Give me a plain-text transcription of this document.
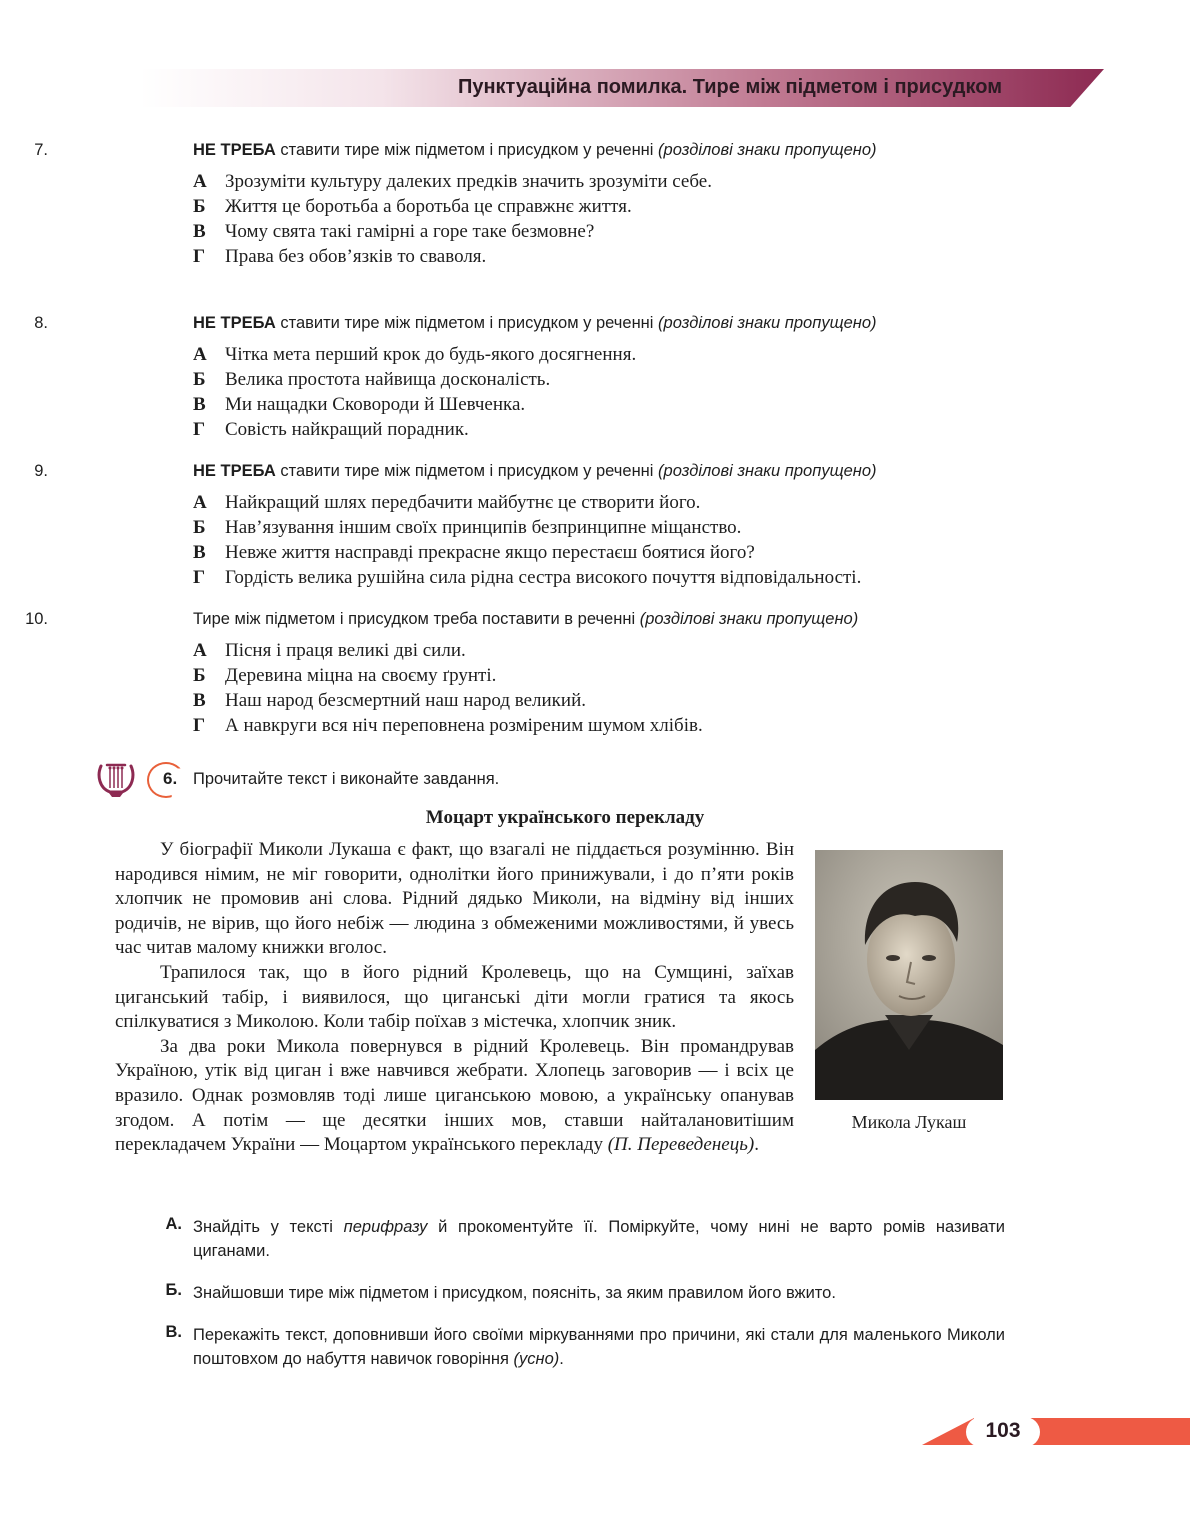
Пунктуаційна помилка. Тире між підметом і присудком
7.	НЕ ТРЕБА ставити тире між підметом і присудком у реченні (розділові знаки пропущено)
А Зрозуміти культуру далеких предків значить зрозуміти себе.
Б Життя це боротьба а боротьба це справжнє життя.
В Чому свята такі гамірні а горе таке безмовне?
Г Права без обов’язків то сваволя.
8.	НЕ ТРЕБА ставити тире між підметом і присудком у реченні (розділові знаки пропущено)
А Чітка мета перший крок до будь-якого досягнення.
Б Велика простота найвища досконалість.
В Ми нащадки Сковороди й Шевченка.
Г Совість найкращий порадник.
9.	НЕ ТРЕБА ставити тире між підметом і присудком у реченні (розділові знаки пропущено)
А Найкращий шлях передбачити майбутнє це створити його.
Б Нав’язування іншим своїх принципів безпринципне міщанство.
В Невже життя насправді прекрасне якщо перестаєш боятися його?
Г Гордість велика рушійна сила рідна сестра високого почуття відповідальності.
10.	Тире між підметом і присудком треба поставити в реченні (розділові знаки пропущено)
А Пісня і праця великі дві сили.
Б Деревина міцна на своєму ґрунті.
В Наш народ безсмертний наш народ великий.
Г А навкруги вся ніч переповнена розміреним шумом хлібів.
6. Прочитайте текст і виконайте завдання.
Моцарт українського перекладу

У біографії Миколи Лукаша є факт, що взагалі не піддається розумінню. Він народився німим, не міг говорити, однолітки його принижували, і до п’яти років хлопчик не промовив ані слова. Рідний дядько Миколи, на відміну від інших родичів, не вірив, що його небіж — людина з обмеженими можливостями, й увесь час читав малому книжки вголос.

Трапилося так, що в його рідний Кролевець, що на Сумщині, заїхав циганський табір, і виявилося, що циганські діти могли гратися та якось спілкуватися з Миколою. Коли табір поїхав з містечка, хлопчик зник.

За два роки Микола повернувся в рідний Кролевець. Він промандрував Україною, утік від циган і вже навчився жебрати. Хлопець заговорив — і всіх це вразило. Однак розмовляв тоді лише циганською мовою, а українську опанував згодом. А потім — ще десятки інших мов, ставши найталановитішим перекладачем України — Моцартом українського перекладу (П. Переведенець).

Микола Лукаш
А. Знайдіть у тексті перифразу й прокоментуйте її. Поміркуйте, чому нині не варто ромів називати циганами.
Б. Знайшовши тире між підметом і присудком, поясніть, за яким правилом його вжито.
В. Перекажіть текст, доповнивши його своїми міркуваннями про причини, які стали для маленького Миколи поштовхом до набуття навичок говоріння (усно).
103
